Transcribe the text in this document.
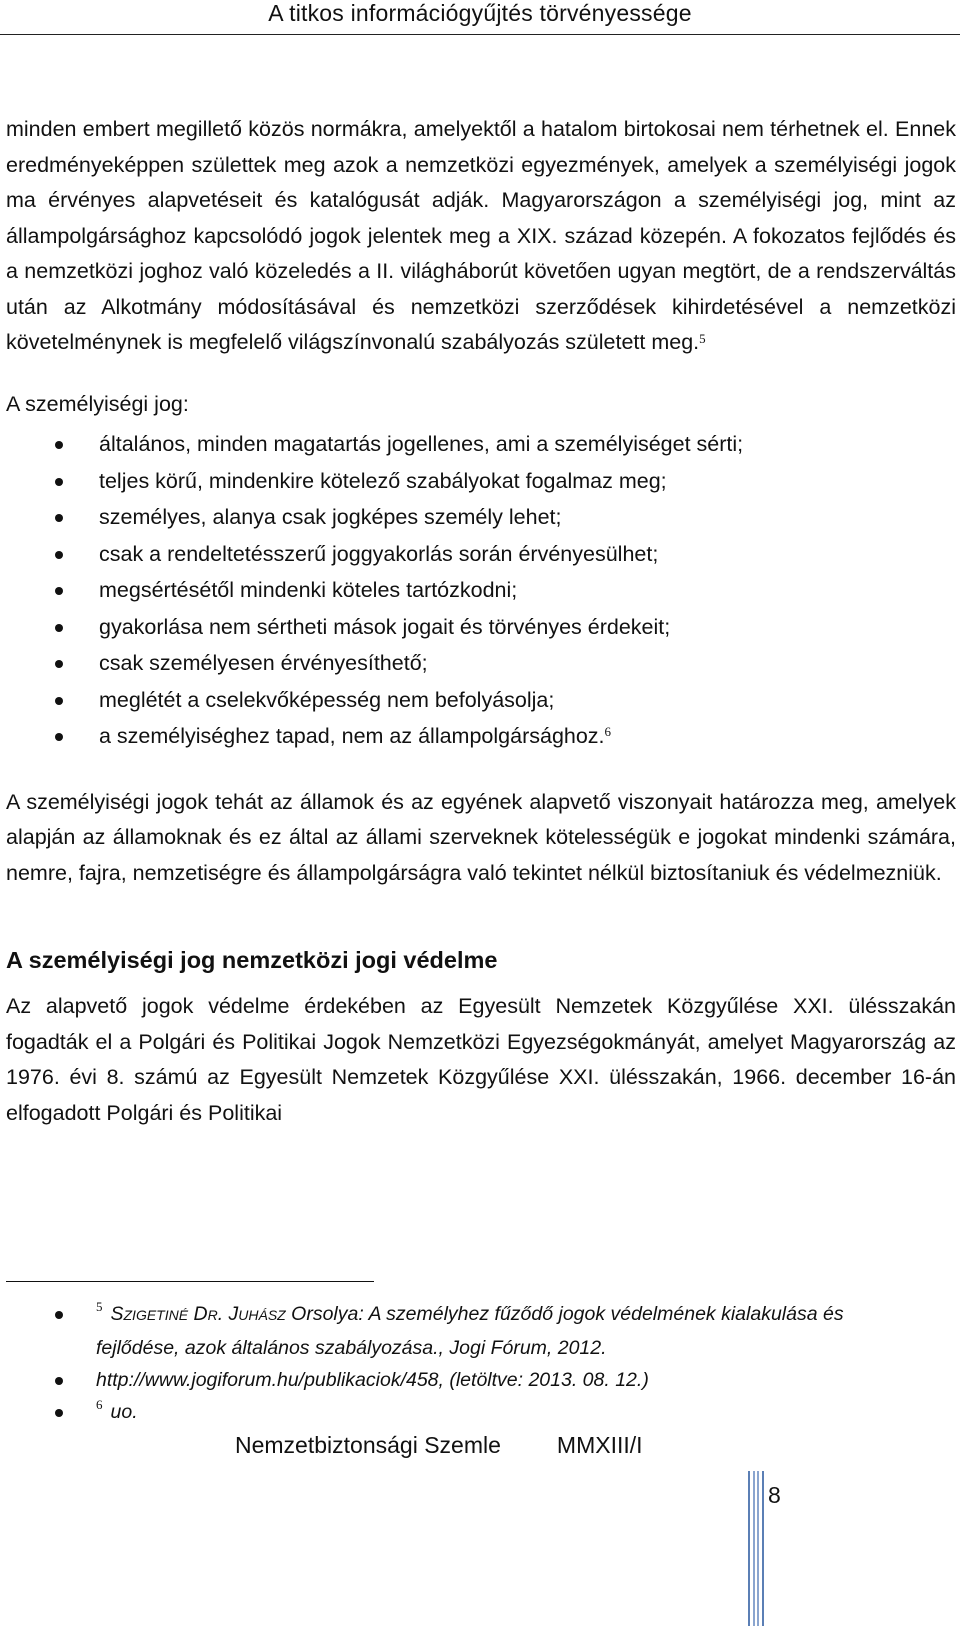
A titkos információgyűjtés törvényessége

minden embert megillető közös normákra, amelyektől a hatalom birtokosai nem térhetnek el. Ennek eredményeképpen születtek meg azok a nemzetközi egyezmények, amelyek a személyiségi jogok ma érvényes alapvetéseit és katalógusát adják. Magyarországon a személyiségi jog, mint az állampolgársághoz kapcsolódó jogok jelentek meg a XIX. század közepén. A fokozatos fejlődés és a nemzetközi joghoz való közeledés a II. világháborút követően ugyan megtört, de a rendszerváltás után az Alkotmány módosításával és nemzetközi szerződések kihirdetésével a nemzetközi követelménynek is megfelelő világszínvonalú szabályozás született meg.$^5$

A személyiségi jog:

általános, minden magatartás jogellenes, ami a személyiséget sérti;
teljes körű, mindenkire kötelező szabályokat fogalmaz meg;
személyes, alanya csak jogképes személy lehet;
csak a rendeltetésszerű joggyakorlás során érvényesülhet;
megsértésétől mindenki köteles tartózkodni;
gyakorlása nem sértheti mások jogait és törvényes érdekeit;
csak személyesen érvényesíthető;
meglétét a cselekvőképesség nem befolyásolja;
a személyiséghez tapad, nem az állampolgársághoz.$^6$

A személyiségi jogok tehát az államok és az egyének alapvető viszonyait határozza meg, amelyek alapján az államoknak és ez által az állami szerveknek kötelességük e jogokat mindenki számára, nemre, fajra, nemzetiségre és állampolgárságra való tekintet nélkül biztosítaniuk és védelmezniük.

A személyiségi jog nemzetközi jogi védelme

Az alapvető jogok védelme érdekében az Egyesült Nemzetek Közgyűlése XXI. ülésszakán fogadták el a Polgári és Politikai Jogok Nemzetközi Egyezségokmányát, amelyet Magyarország az 1976. évi 8. számú az Egyesült Nemzetek Közgyűlése XXI. ülésszakán, 1966. december 16-án elfogadott Polgári és Politikai

$^5$ Szigetiné Dr. Juhász Orsolya: A személyhez fűződő jogok védelmének kialakulása és fejlődése, azok általános szabályozása., Jogi Fórum, 2012.
http://www.jogiforum.hu/publikaciok/458, (letöltve: 2013. 08. 12.)
$^6$ uo.
Nemzetbiztonsági Szemle MMXIII/I
8
